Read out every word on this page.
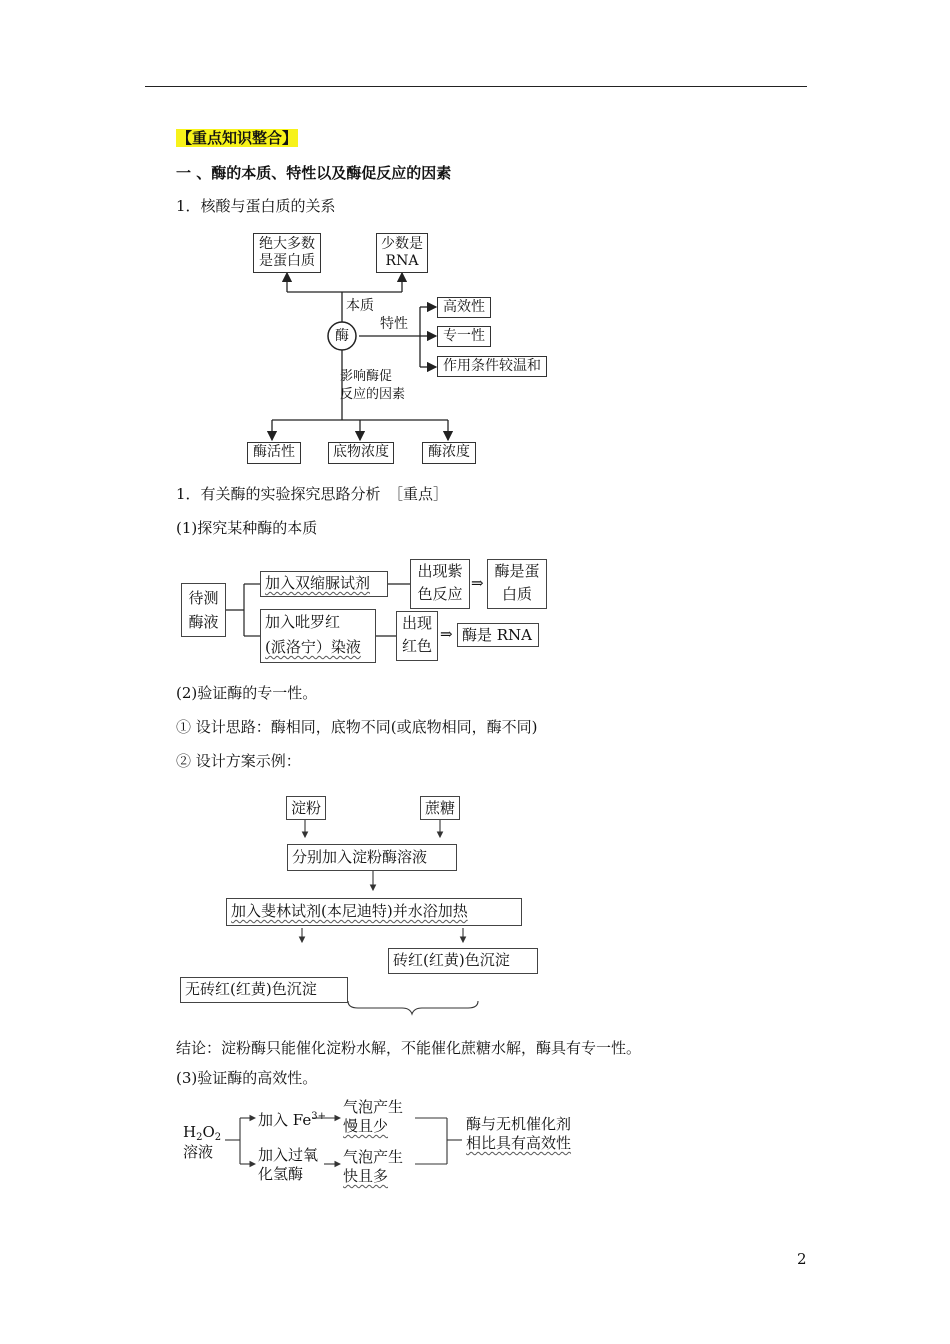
【重点知识整合】
一 、酶的本质、特性以及酶促反应的因素
1．核酸与蛋白质的关系
绝大多数
是蛋白质
少数是
RNA
本质
特性
酶
高效性
专一性
作用条件较温和
影响酶促
反应的因素
酶活性	底物浓度	酶浓度
1．有关酶的实验探究思路分析　［重点］
(1)探究某种酶的本质
待测
酶液
加入双缩脲试剂
出现紫
色反应
⇒
酶是蛋
白质
加入吡罗红
(派洛宁）染液
出现
红色
⇒ 酶是 RNA
(2)验证酶的专一性。
① 设计思路：酶相同，底物不同(或底物相同，酶不同)
② 设计方案示例：
淀粉	蔗糖
分别加入淀粉酶溶液
加入斐林试剂(本尼迪特)并水浴加热
砖红(红黄)色沉淀
无砖红(红黄)色沉淀
结论：淀粉酶只能催化淀粉水解，不能催化蔗糖水解，酶具有专一性。
(3)验证酶的高效性。
$H_2O_2$
溶液
加入 $Fe^{3+}$
气泡产生
慢且少
加入过氧
化氢酶
气泡产生
快且多
酶与无机催化剂
相比具有高效性
2
